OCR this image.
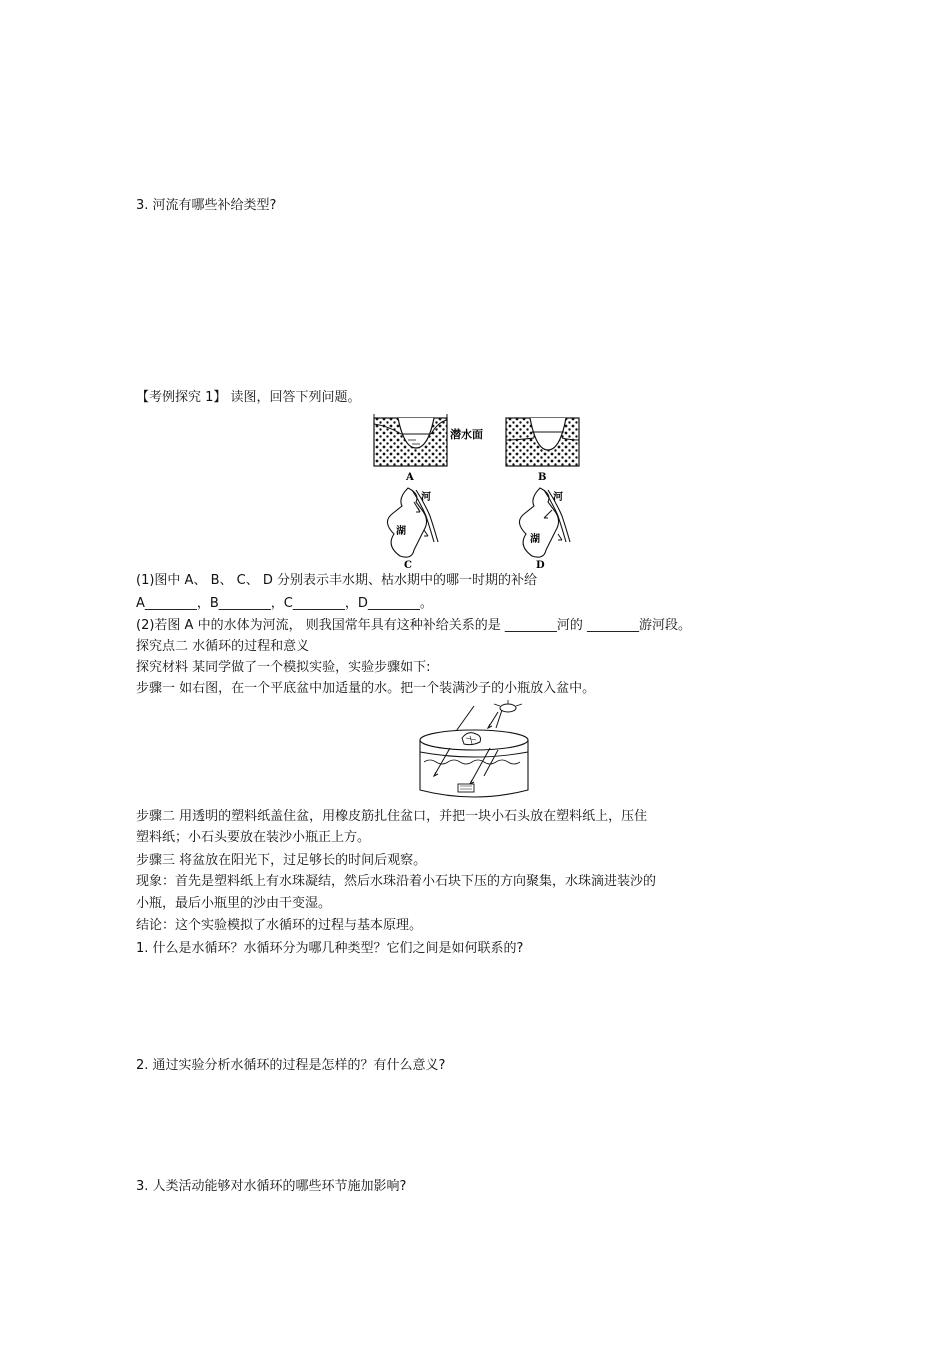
3. 河流有哪些补给类型?
【考例探究 1】 读图，回答下列问题。
A
潜水面
B
河
湖
C
河
湖
D
(1)图中 A、 B、 C、 D 分别表示丰水期、枯水期中的哪一时期的补给
A________，B________，C________，D________。
(2)若图 A 中的水体为河流， 则我国常年具有这种补给关系的是 ________河的 ________游河段。
探究点二 水循环的过程和意义
探究材料 某同学做了一个模拟实验，实验步骤如下:
步骤一 如右图，在一个平底盆中加适量的水。把一个装满沙子的小瓶放入盆中。
步骤二 用透明的塑料纸盖住盆，用橡皮筋扎住盆口，并把一块小石头放在塑料纸上，压住
塑料纸；小石头要放在装沙小瓶正上方。
步骤三 将盆放在阳光下，过足够长的时间后观察。
现象：首先是塑料纸上有水珠凝结，然后水珠沿着小石块下压的方向聚集，水珠滴进装沙的
小瓶，最后小瓶里的沙由干变湿。
结论：这个实验模拟了水循环的过程与基本原理。
1. 什么是水循环？水循环分为哪几种类型？它们之间是如何联系的?
2. 通过实验分析水循环的过程是怎样的？有什么意义?
3. 人类活动能够对水循环的哪些环节施加影响?
